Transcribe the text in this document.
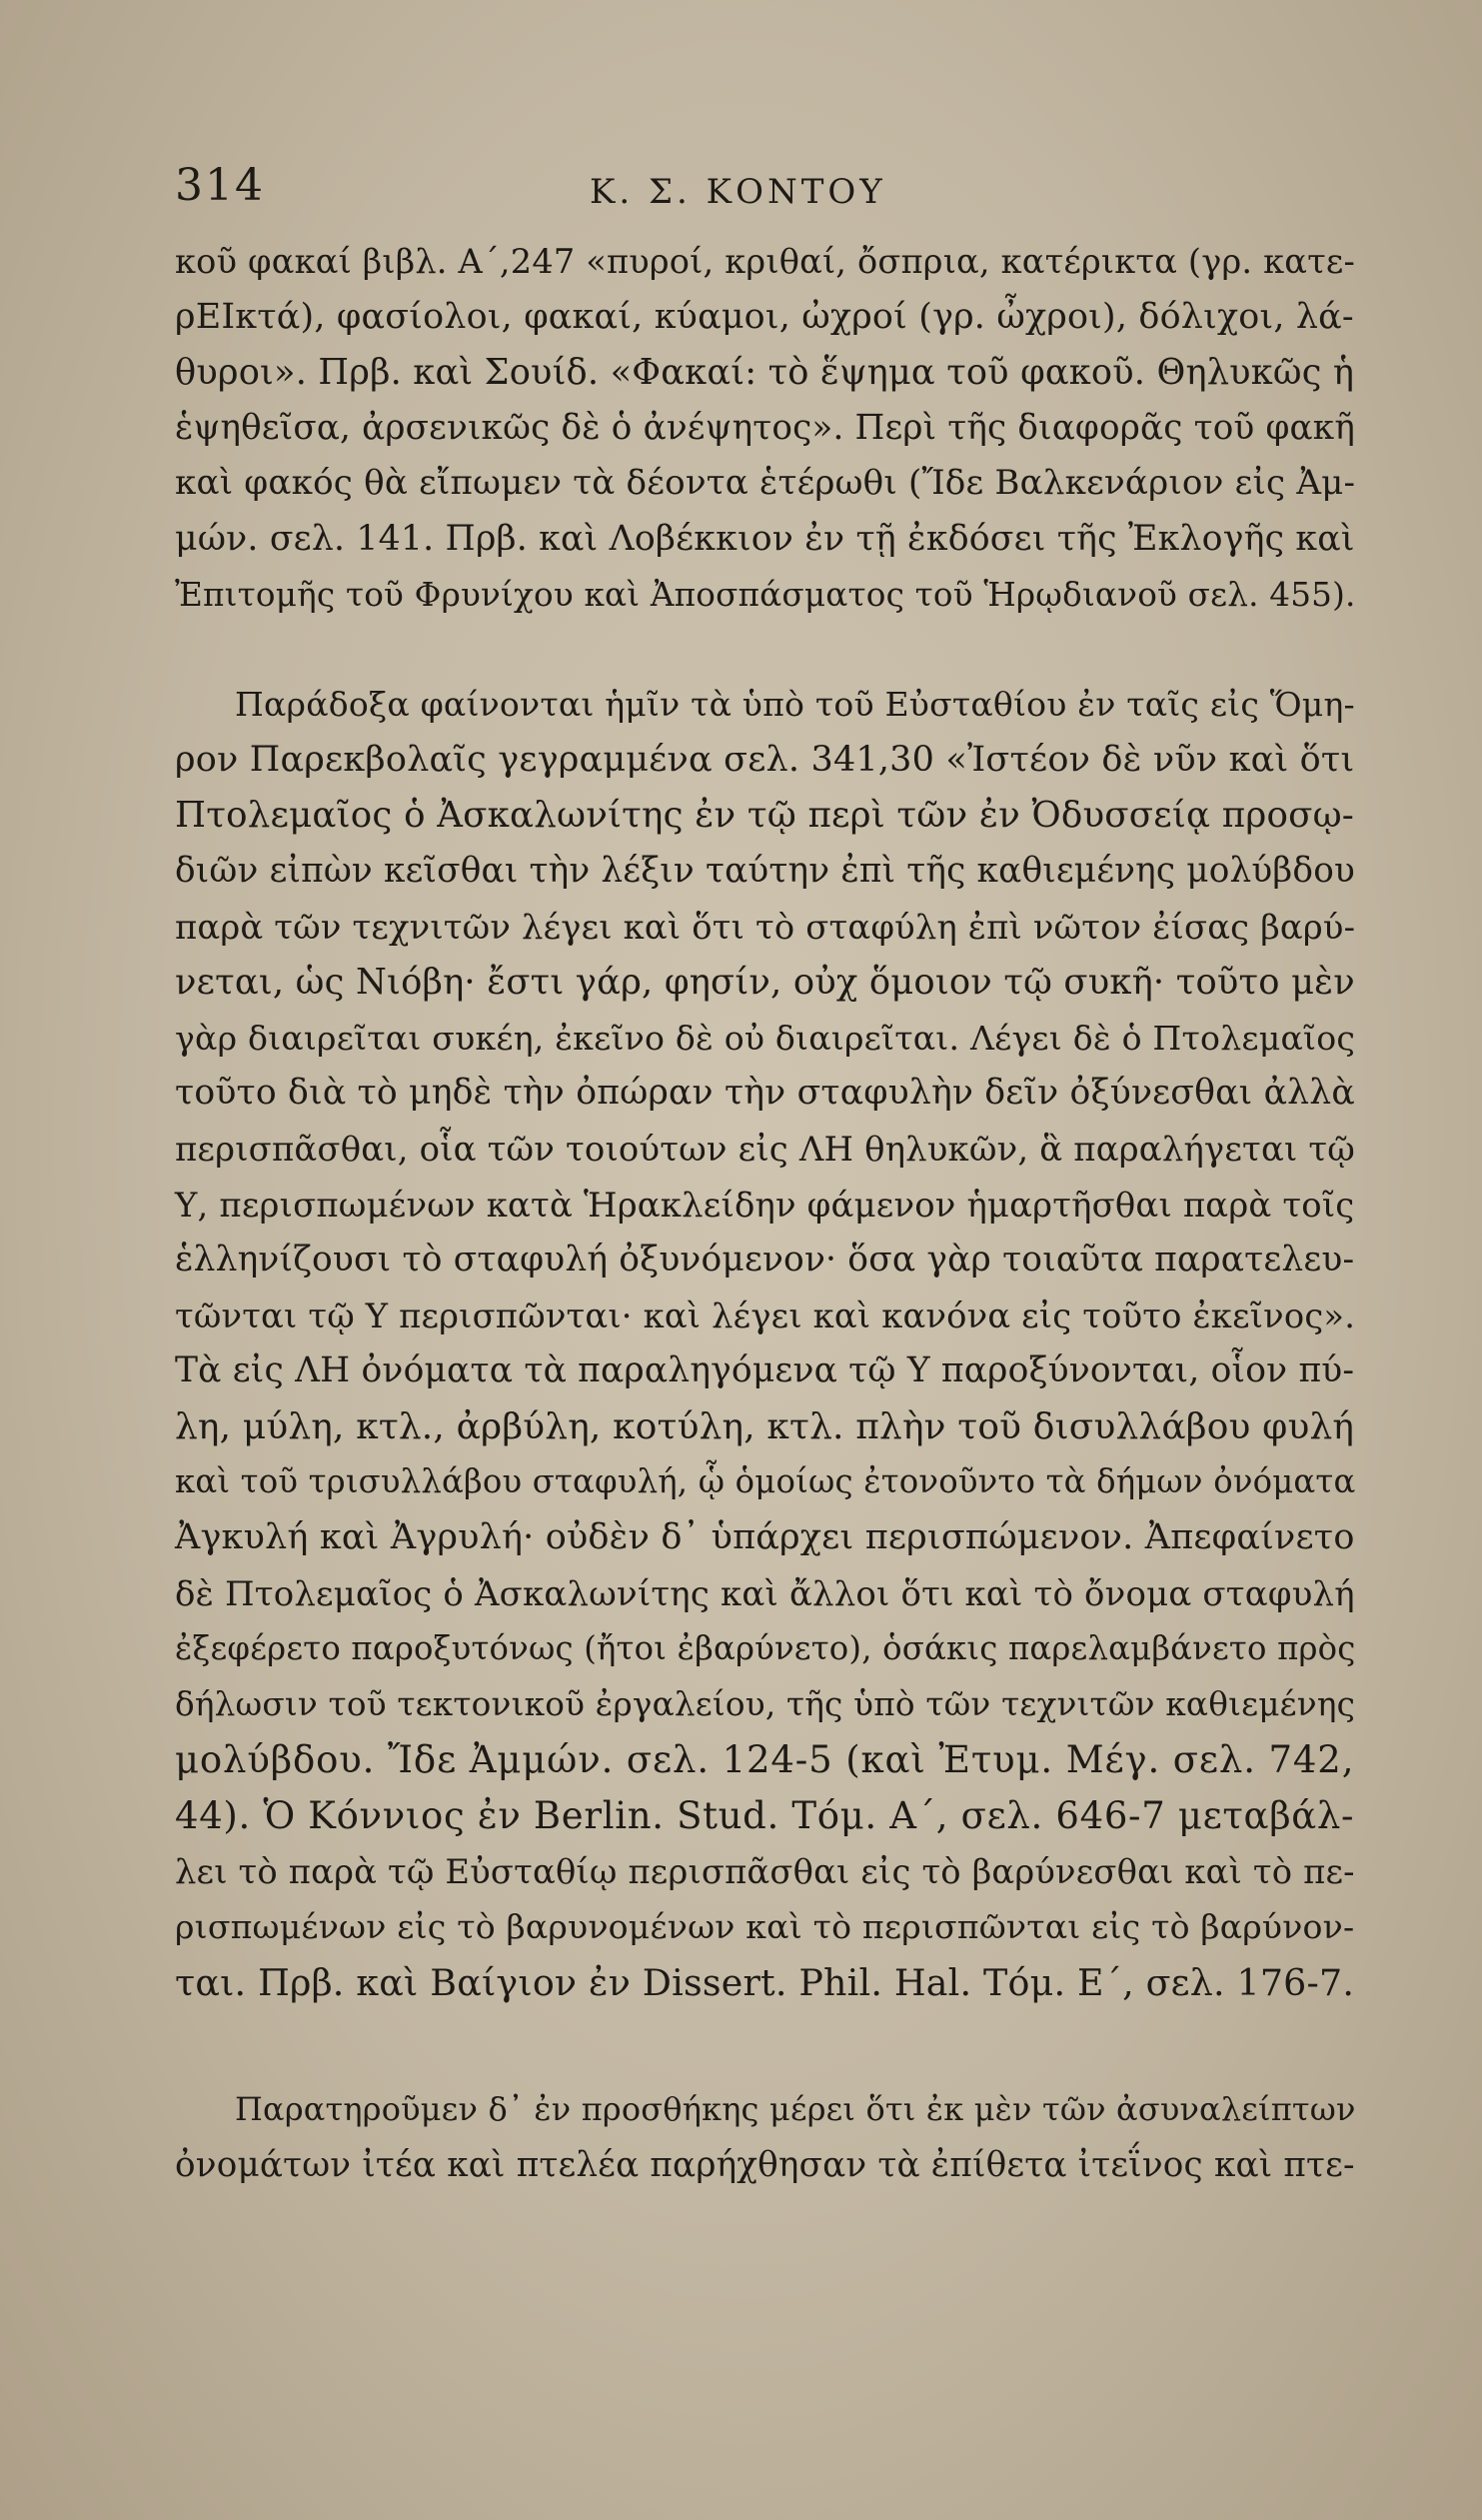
314	Κ. Σ. ΚΟΝΤΟΥ
κοῦ φακαί βιβλ. Α΄,247 «πυροί, κριθαί, ὄσπρια, κατέρικτα (γρ. κατε-
ρΕΙκτά), φασίολοι, φακαί, κύαμοι, ὠχροί (γρ. ὦχροι), δόλιχοι, λά-
θυροι». Πρβ. καὶ Σουίδ. «Φακαί: τὸ ἕψημα τοῦ φακοῦ. Θηλυκῶς ἡ
ἑψηθεῖσα, ἀρσενικῶς δὲ ὁ ἀνέψητος». Περὶ τῆς διαφορᾶς τοῦ φακῆ
καὶ φακός θὰ εἴπωμεν τὰ δέοντα ἑτέρωθι (Ἴδε Βαλκενάριον εἰς Ἀμ-
μών. σελ. 141. Πρβ. καὶ Λοβέκκιον ἐν τῇ ἐκδόσει τῆς Ἐκλογῆς καὶ
Ἐπιτομῆς τοῦ Φρυνίχου καὶ Ἀποσπάσματος τοῦ Ἡρῳδιανοῦ σελ. 455).
Παράδοξα φαίνονται ἡμῖν τὰ ὑπὸ τοῦ Εὐσταθίου ἐν ταῖς εἰς Ὅμη-
ρον Παρεκβολαῖς γεγραμμένα σελ. 341,30 «Ἰστέον δὲ νῦν καὶ ὅτι
Πτολεμαῖος ὁ Ἀσκαλωνίτης ἐν τῷ περὶ τῶν ἐν Ὀδυσσείᾳ προσῳ-
διῶν εἰπὼν κεῖσθαι τὴν λέξιν ταύτην ἐπὶ τῆς καθιεμένης μολύβδου
παρὰ τῶν τεχνιτῶν λέγει καὶ ὅτι τὸ σταφύλη ἐπὶ νῶτον ἐίσας βαρύ-
νεται, ὡς Νιόβη· ἔστι γάρ, φησίν, οὐχ ὅμοιον τῷ συκῆ· τοῦτο μὲν
γὰρ διαιρεῖται συκέη, ἐκεῖνο δὲ οὐ διαιρεῖται. Λέγει δὲ ὁ Πτολεμαῖος
τοῦτο διὰ τὸ μηδὲ τὴν ὀπώραν τὴν σταφυλὴν δεῖν ὀξύνεσθαι ἀλλὰ
περισπᾶσθαι, οἷα τῶν τοιούτων εἰς ΛΗ θηλυκῶν, ἃ παραλήγεται τῷ
Υ, περισπωμένων κατὰ Ἡρακλείδην φάμενον ἡμαρτῆσθαι παρὰ τοῖς
ἑλληνίζουσι τὸ σταφυλή ὀξυνόμενον· ὅσα γὰρ τοιαῦτα παρατελευ-
τῶνται τῷ Υ περισπῶνται· καὶ λέγει καὶ κανόνα εἰς τοῦτο ἐκεῖνος».
Τὰ εἰς ΛΗ ὀνόματα τὰ παραληγόμενα τῷ Υ παροξύνονται, οἷον πύ-
λη, μύλη, κτλ., ἀρβύλη, κοτύλη, κτλ. πλὴν τοῦ δισυλλάβου φυλή
καὶ τοῦ τρισυλλάβου σταφυλή, ᾧ ὁμοίως ἐτονοῦντο τὰ δήμων ὀνόματα
Ἀγκυλή καὶ Ἀγρυλή· οὐδὲν δ᾽ ὑπάρχει περισπώμενον. Ἀπεφαίνετο
δὲ Πτολεμαῖος ὁ Ἀσκαλωνίτης καὶ ἄλλοι ὅτι καὶ τὸ ὄνομα σταφυλή
ἐξεφέρετο παροξυτόνως (ἤτοι ἐβαρύνετο), ὁσάκις παρελαμβάνετο πρὸς
δήλωσιν τοῦ τεκτονικοῦ ἐργαλείου, τῆς ὑπὸ τῶν τεχνιτῶν καθιεμένης
μολύβδου. Ἴδε Ἀμμών. σελ. 124-5 (καὶ Ἐτυμ. Μέγ. σελ. 742,
44). Ὁ Κόννιος ἐν Berlin. Stud. Τόμ. Α΄, σελ. 646-7 μεταβάλ-
λει τὸ παρὰ τῷ Εὐσταθίῳ περισπᾶσθαι εἰς τὸ βαρύνεσθαι καὶ τὸ πε-
ρισπωμένων εἰς τὸ βαρυνομένων καὶ τὸ περισπῶνται εἰς τὸ βαρύνον-
ται. Πρβ. καὶ Βαίγιον ἐν Dissert. Phil. Hal. Τόμ. Ε΄, σελ. 176-7.
Παρατηροῦμεν δ᾽ ἐν προσθήκης μέρει ὅτι ἐκ μὲν τῶν ἀσυναλείπτων
ὀνομάτων ἰτέα καὶ πτελέα παρήχθησαν τὰ ἐπίθετα ἰτεΐνος καὶ πτε-
